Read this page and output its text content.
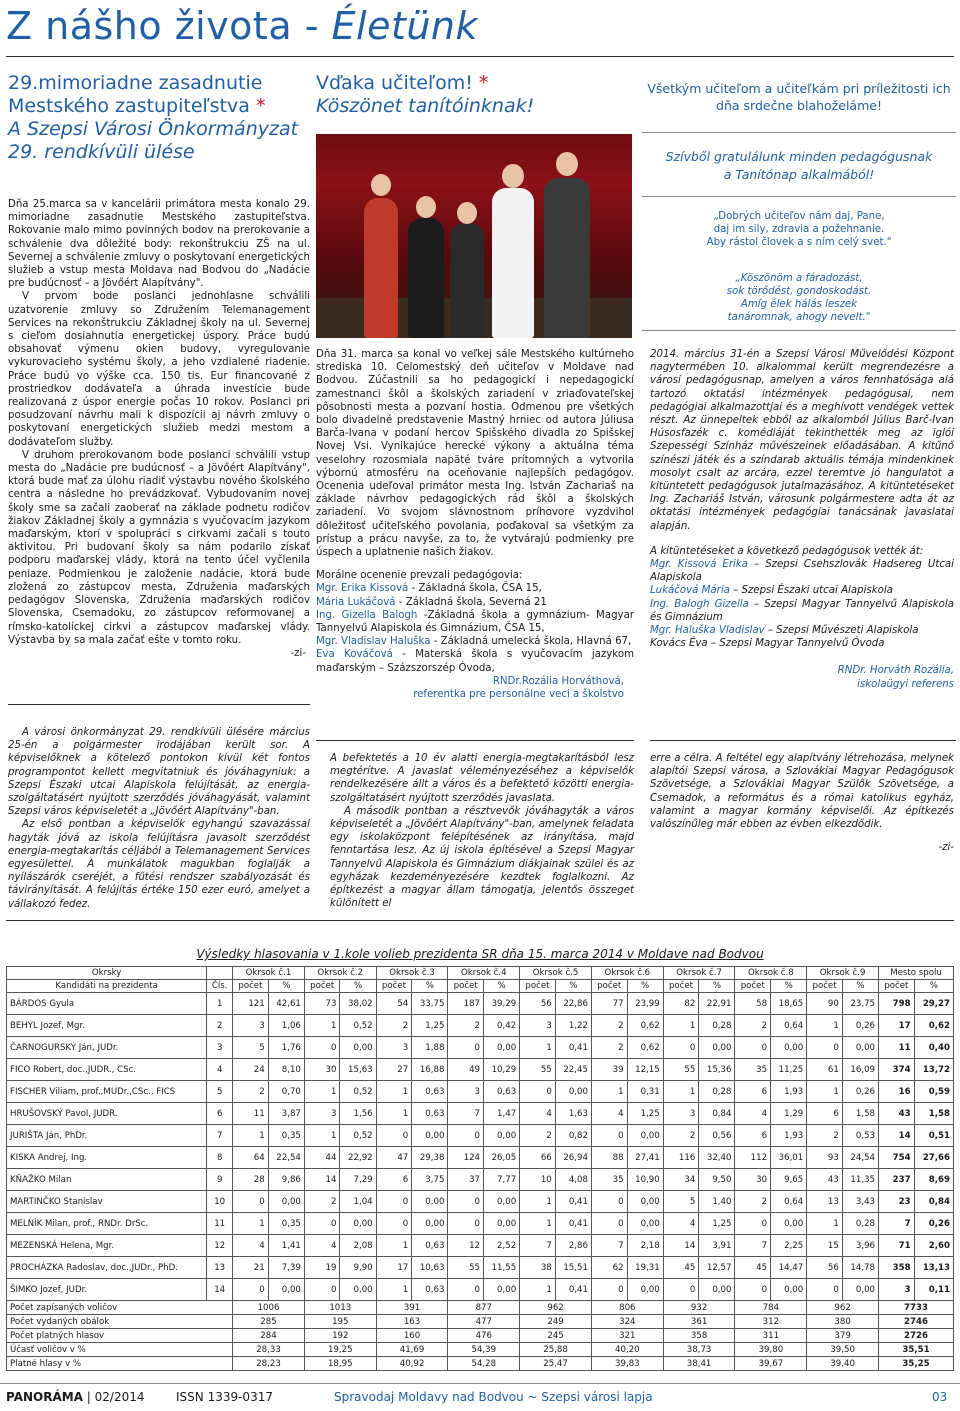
Z nášho života - Életünk
29.mimoriadne zasadnutie
Mestského zastupiteľstva *
A Szepsi Városi Önkormányzat
29. rendkívüli ülése

Dňa 25.marca sa v kancelárii primátora mesta konalo 29. mimoriadne zasadnutie Mestského zastupiteľstva. Rokovanie malo mimo povinných bodov na prerokovanie a schválenie dva dôležité body: rekonštrukciu ZŠ na ul. Severnej a schválenie zmluvy o poskytovaní energetických služieb a vstup mesta Moldava nad Bodvou do „Nadácie pre budúcnosť – a Jövőért Alapítvány".

V prvom bode poslanci jednohlasne schválili uzatvorenie zmluvy so Združením Telemanagement Services na rekonštrukciu Základnej školy na ul. Severnej s cieľom dosiahnutia energetickej úspory. Práce budú obsahovať výmenu okien budovy, vyregulovanie vykurovacieho systému školy, a jeho vzdialené riadenie. Práce budú vo výške cca. 150 tis. Eur financované z prostriedkov dodávateľa a úhrada investície bude realizovaná z úspor energie počas 10 rokov. Poslanci pri posudzovaní návrhu mali k dispozícii aj návrh zmluvy o poskytovaní energetických služieb medzi mestom a dodávateľom služby.

V druhom prerokovanom bode poslanci schválili vstup mesta do „Nadácie pre budúcnosť – a Jövőért Alapítvány", ktorá bude mať za úlohu riadiť výstavbu nového školského centra a následne ho prevádzkovať. Vybudovaním novej školy sme sa začali zaoberať na základe podnetu rodičov žiakov Základnej školy a gymnázia s vyučovacím jazykom maďarským, ktorí v spolupráci s cirkvami začali s touto aktivitou. Pri budovaní školy sa nám podarilo získať podporu maďarskej vlády, ktorá na tento účel vyčlenila peniaze. Podmienkou je založenie nadácie, ktorá bude zložená zo zástupcov mesta, Združenia maďarských pedagógov Slovenska, Združenia maďarských rodičov Slovenska, Csemadoku, zo zástupcov reformovanej a rímsko-katolíckej cirkvi a zástupcov maďarskej vlády. Výstavba by sa mala začať ešte v tomto roku.

-zi-

A városi önkormányzat 29. rendkívüli ülésére március 25-én a polgármester irodájában került sor. A képviselőknek a kötelező pontokon kívül két fontos programpontot kellett megvitatniuk és jóváhagyniuk: a Szepsi Északi utcai Alapiskola felújítását, az energia-szolgáltatásért nyújtott szerződés jóváhagyását, valamint Szepsi város képviseletét a „Jövőért Alapítvány"-ban.

Az első pontban a képviselők egyhangú szavazással hagyták jóvá az iskola felújításra javasolt szerződést energia-megtakarítás céljából a Telemanagement Services egyesülettel. A munkálatok magukban foglalják a nyílászárók cseréjét, a fűtési rendszer szabályozását és távirányítását. A felújítás értéke 150 ezer euró, amelyet a vállakozó fedez.

Vďaka učiteľom! *
Köszönet tanítóinknak!

Dňa 31. marca sa konal vo veľkej sále Mestského kultúrneho strediska 10. Celomestský deň učiteľov v Moldave nad Bodvou. Zúčastnili sa ho pedagogickí i nepedagogickí zamestnanci škôl a školských zariadení v zriaďovateľskej pôsobnosti mesta a pozvaní hostia. Odmenou pre všetkých bolo divadelné predstavenie Mastný hrniec od autora Júliusa Barča-Ivana v podaní hercov Spišského divadla zo Spišskej Novej Vsi. Vynikajúce herecké výkony a aktuálna téma veselohry rozosmiala napäté tváre prítomných a vytvorila výbornú atmosféru na oceňovanie najlepších pedagógov. Ocenenia udeľoval primátor mesta Ing. István Zachariaš na základe návrhov pedagogických rád škôl a školských zariadení. Vo svojom slávnostnom príhovore vyzdvihol dôležitosť učiteľského povolania, poďakoval sa všetkým za prístup a prácu navyše, za to, že vytvárajú podmienky pre úspech a uplatnenie našich žiakov.

Morálne ocenenie prevzali pedagógovia:

Mgr. Erika Kissová - Základná škola, ČSA 15,

Mária Lukáčová - Základná škola, Severná 21

Ing. Gizella Balogh -Základná škola a gymnázium- Magyar Tannyelvű Alapiskola és Gimnázium, ČSA 15,

Mgr. Vladislav Haluška - Základná umelecká škola, Hlavná 67,

Eva Kováčová - Materská škola s vyučovacím jazykom maďarským – Százszorszép Óvoda,

RNDr.Rozália Horváthová,

referentka pre personálne veci a školstvo

A befektetés a 10 év alatti energia-megtakarításból lesz megtérítve. A javaslat véleményezéséhez a képviselők rendelkezésére állt a város és a befektető közötti energia-szolgáltatásért nyújtott szerződés javaslata.

A második pontban a résztvevők jóváhagyták a város képviseletét a „Jövőért Alapítvány"-ban, amelynek feladata egy iskolaközpont felépítésének az irányítása, majd fenntartása lesz. Az új iskola építésével a Szepsi Magyar Tannyelvű Alapiskola és Gimnázium diákjainak szülei és az egyházak kezdeményezésére kezdtek foglalkozni. Az építkezést a magyar állam támogatja, jelentős összeget különített el

Všetkým učiteľom a učiteľkám pri príležitosti ich
dňa srdečne blahoželáme!
Szívből gratulálunk minden pedagógusnak
a Tanítónap alkalmából!
„Dobrých učiteľov nám daj, Pane,
daj im sily, zdravia a požehnanie.
Aby rástol človek a s ním celý svet."
„Köszönöm a fáradozást,
sok törődést, gondoskodást.
Amíg élek hálás leszek
tanáromnak, ahogy nevelt."

2014. március 31-én a Szepsi Városi Művelődési Központ nagytermében 10. alkalommal került megrendezésre a városi pedagógusnap, amelyen a város fennhatósága alá tartozó oktatási intézmények pedagógusai, nem pedagógiai alkalmazottjai és a meghívott vendégek vettek részt. Az ünnepeltek ebből az alkalomból Július Barč-Ivan Húsosfazék c. komédiáját tekinthették meg az iglói Szepességi Színház művészeinek előadásában. A kitűnő színészi játék és a színdarab aktuális témája mindenkinek mosolyt csalt az arcára, ezzel teremtve jó hangulatot a kitüntetett pedagógusok jutalmazásához. A kitüntetéseket Ing. Zachariáš István, városunk polgármestere adta át az oktatási intézmények pedagógiai tanácsának javaslatai alapján.

A kitüntetéseket a következő pedagógusok vették át:

Mgr. Kissová Erika – Szepsi Csehszlovák Hadsereg Utcai Alapiskola

Lukáčová Mária – Szepsi Északi utcai Alapiskola

Ing. Balogh Gizella – Szepsi Magyar Tannyelvű Alapiskola és Gimnázium

Mgr. Haluška Vladislav – Szepsi Művészeti Alapiskola

Kovács Éva – Szepsi Magyar Tannyelvű Óvoda

RNDr. Horváth Rozália,

iskolaügyi referens

erre a célra. A feltétel egy alapítvány létrehozása, melynek alapítói Szepsi városa, a Szlovákiai Magyar Pedagógusok Szövetsége, a Szlovákiai Magyar Szülők Szövetsége, a Csemadok, a református és a római katolikus egyház, valamint a magyar kormány képviselői. Az építkezés valószínűleg már ebben az évben elkezdődik.

-zi-

Výsledky hlasovania v 1.kole volieb prezidenta SR dňa 15. marca 2014 v Moldave nad Bodvou
Okrsky		Okrsok č.1		Okrsok č.2		Okrsok č.3		Okrsok č.4		Okrsok č.5		Okrsok č.6		Okrsok č.7		Okrsok č.8		Okrsok č.9		Mesto spolu	
Kandidáti na prezidenta	Čís.	počet	%	počet	%	počet	%	počet	%	počet	%	počet	%	počet	%	počet	%	počet	%	počet	%
BÁRDOS Gyula	1	121	42,61	73	38,02	54	33,75	187	39,29	56	22,86	77	23,99	82	22,91	58	18,65	90	23,75	798	29,27
BEHÝL Jozef, Mgr.	2	3	1,06	1	0,52	2	1,25	2	0,42	3	1,22	2	0,62	1	0,28	2	0,64	1	0,26	17	0,62
ČARNOGURSKÝ Ján, JUDr.	3	5	1,76	0	0,00	3	1,88	0	0,00	1	0,41	2	0,62	0	0,00	0	0,00	0	0,00	11	0,40
FICO Robert, doc.,JUDR., CSc.	4	24	8,10	30	15,63	27	16,88	49	10,29	55	22,45	39	12,15	55	15,36	35	11,25	61	16,09	374	13,72
FISCHER Viliam, prof.,MUDr.,CSc., FICS	5	2	0,70	1	0,52	1	0,63	3	0,63	0	0,00	1	0,31	1	0,28	6	1,93	1	0,26	16	0,59
HRUŠOVSKÝ Pavol, JUDR.	6	11	3,87	3	1,56	1	0,63	7	1,47	4	1,63	4	1,25	3	0,84	4	1,29	6	1,58	43	1,58
JURIŠTA Ján, PhDr.	7	1	0,35	1	0,52	0	0,00	0	0,00	2	0,82	0	0,00	2	0,56	6	1,93	2	0,53	14	0,51
KISKA Andrej, Ing.	8	64	22,54	44	22,92	47	29,38	124	26,05	66	26,94	88	27,41	116	32,40	112	36,01	93	24,54	754	27,66
KŇAŽKO Milan	9	28	9,86	14	7,29	6	3,75	37	7,77	10	4,08	35	10,90	34	9,50	30	9,65	43	11,35	237	8,69
MARTINČKO Stanislav	10	0	0,00	2	1,04	0	0,00	0	0,00	1	0,41	0	0,00	5	1,40	2	0,64	13	3,43	23	0,84
MELNÍK Milan, prof., RNDr. DrSc.	11	1	0,35	0	0,00	0	0,00	0	0,00	1	0,41	0	0,00	4	1,25	0	0,00	1	0,28	7	0,26
MEZENSKÁ Helena, Mgr.	12	4	1,41	4	2,08	1	0,63	12	2,52	7	2,86	7	2,18	14	3,91	7	2,25	15	3,96	71	2,60
PROCHÁZKA Radoslav, doc.,JUDr., PhD.	13	21	7,39	19	9,90	17	10,63	55	11,55	38	15,51	62	19,31	45	12,57	45	14,47	56	14,78	358	13,13
ŠIMKO Jozef, JUDr.	14	0	0,00	0	0,00	1	0,63	0	0,00	1	0,41	0	0,00	0	0,00	0	0,00	0	0,00	3	0,11
Počet zapísaných voličov		1006		1013		391		877		962		806		932		784		962		7733	
Počet vydaných obálok		285		195		163		477		249		324		361		312		380		2746	
Počet platných hlasov		284		192		160		476		245		321		358		311		379		2726	
Účasť voličov v %		28,33		19,25		41,69		54,39		25,88		40,20		38,73		39,80		39,50		35,51	
Platné hlasy v %		28,23		18,95		40,92		54,28		25,47		39,83		38,41		39,67		39,40		35,25	
PANORÁMA | 02/2014	ISSN 1339-0317	Spravodaj Moldavy nad Bodvou ~ Szepsi városi lapja	03
